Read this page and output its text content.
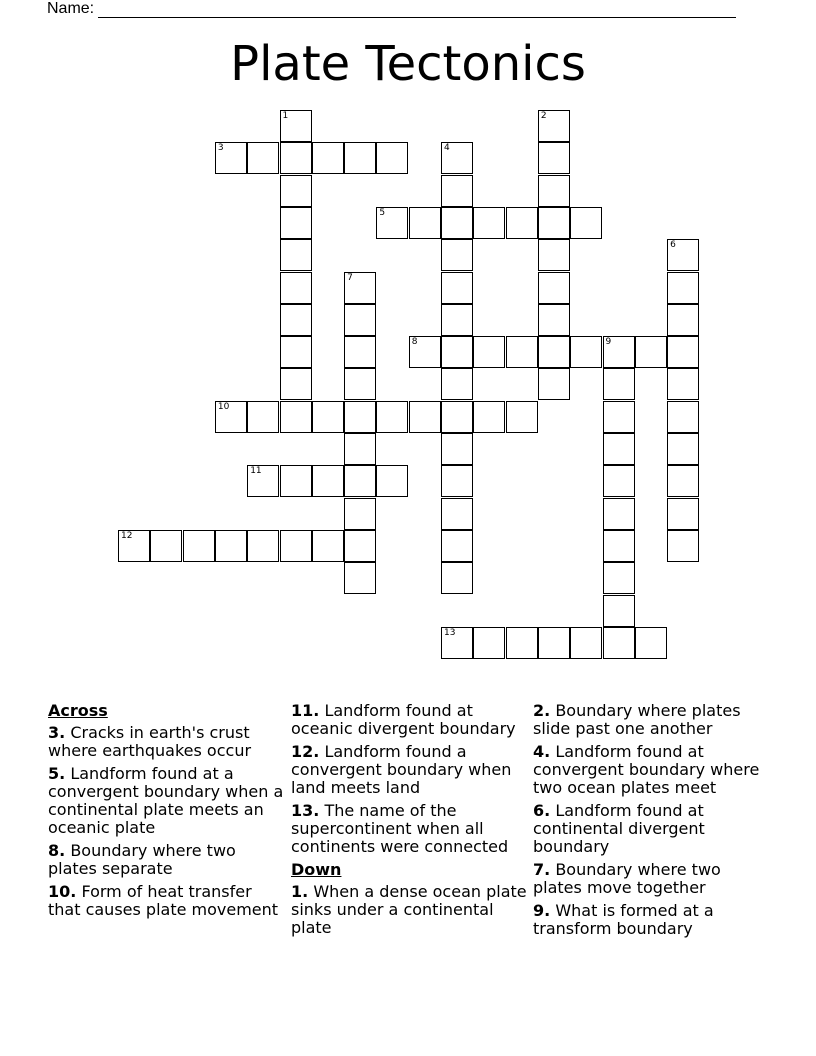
Name:
Plate Tectonics
1	2
3	4
5
6
7
8	9
10
11
12
13
Across
3. Cracks in earth's crust where earthquakes occur
5. Landform found at a convergent boundary when a continental plate meets an oceanic plate
8. Boundary where two plates separate
10. Form of heat transfer that causes plate movement
11. Landform found at oceanic divergent boundary
12. Landform found a convergent boundary when land meets land
13. The name of the supercontinent when all continents were connected
Down
1. When a dense ocean plate sinks under a continental plate
2. Boundary where plates slide past one another
4. Landform found at convergent boundary where two ocean plates meet
6. Landform found at continental divergent boundary
7. Boundary where two plates move together
9. What is formed at a transform boundary
